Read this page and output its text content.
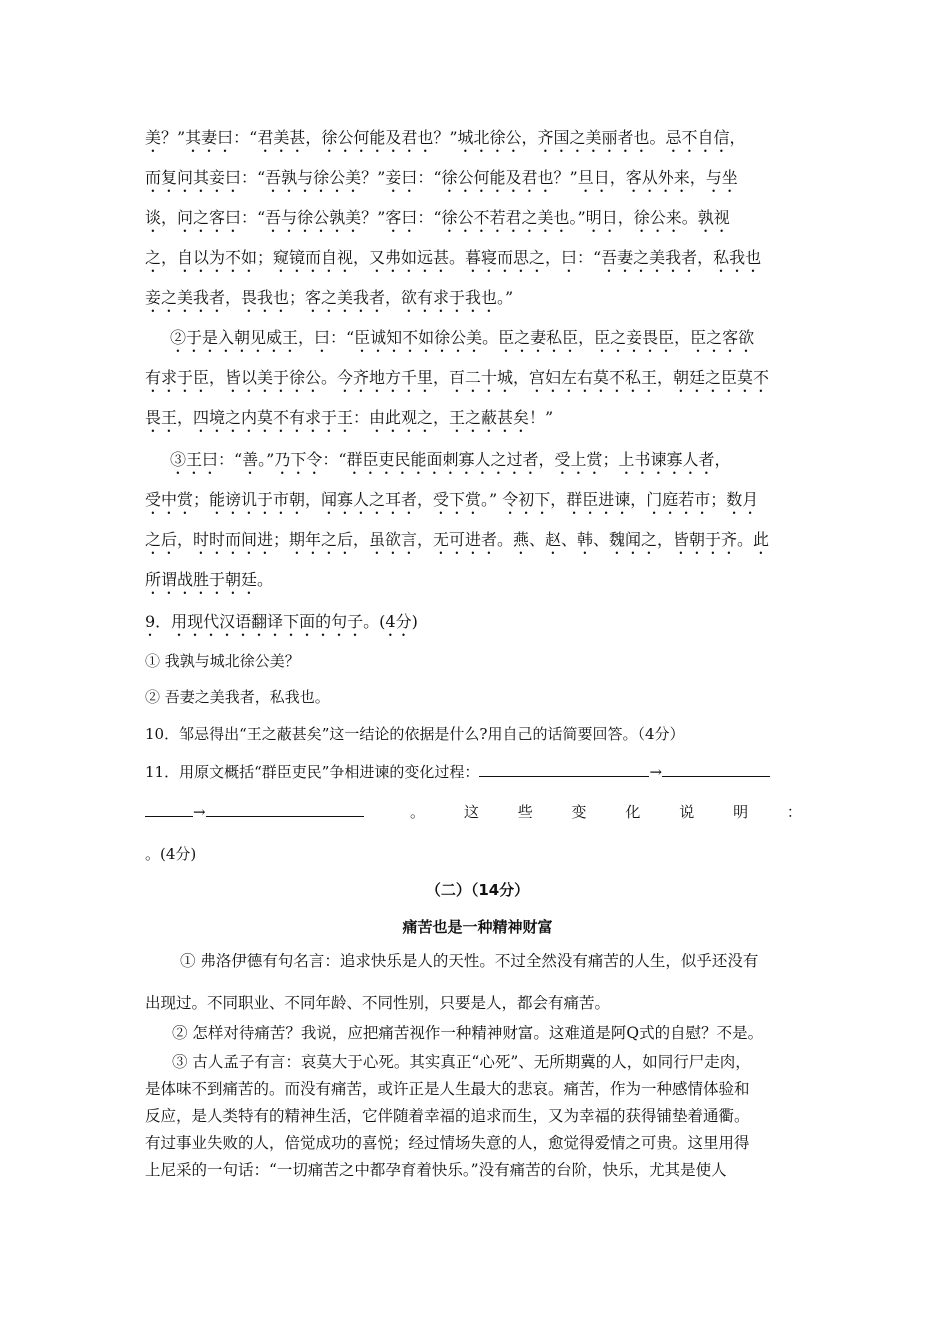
美？”其妻曰：“君美甚，徐公何能及君也？”城北徐公，齐国之美丽者也。忌不自信，
而复问其妾曰：“吾孰与徐公美？”妾曰：“徐公何能及君也？”旦日，客从外来，与坐
谈，问之客曰：“吾与徐公孰美？”客曰：“徐公不若君之美也。”明日，徐公来。孰视
之，自以为不如；窥镜而自视，又弗如远甚。暮寝而思之，曰：“吾妻之美我者，私我也
妾之美我者，畏我也；客之美我者，欲有求于我也。”
②于是入朝见威王，曰：“臣诚知不如徐公美。臣之妻私臣，臣之妾畏臣，臣之客欲
有求于臣，皆以美于徐公。今齐地方千里，百二十城，宫妇左右莫不私王，朝廷之臣莫不
畏王，四境之内莫不有求于王：由此观之，王之蔽甚矣！”
③王曰：“善。”乃下令：“群臣吏民能面刺寡人之过者，受上赏；上书谏寡人者，
受中赏；能谤讥于市朝，闻寡人之耳者，受下赏。” 令初下，群臣进谏，门庭若市；数月
之后，时时而间进；期年之后，虽欲言，无可进者。燕、赵、韩、魏闻之，皆朝于齐。此
所谓战胜于朝廷。
9．用现代汉语翻译下面的句子。(4分)
① 我孰与城北徐公美？
② 吾妻之美我者，私我也。
10．邹忌得出“王之蔽甚矣”这一结论的依据是什么?用自己的话简要回答。（4分）
11．用原文概括“群臣吏民”争相进谏的变化过程：	→
→	。	这	些	变	化	说	明	：
。(4分)
（二）（14分）
痛苦也是一种精神财富
① 弗洛伊德有句名言：追求快乐是人的天性。不过全然没有痛苦的人生，似乎还没有
出现过。不同职业、不同年龄、不同性别，只要是人，都会有痛苦。
② 怎样对待痛苦？我说，应把痛苦视作一种精神财富。这难道是阿Q式的自慰？不是。
③ 古人孟子有言：哀莫大于心死。其实真正“心死”、无所期冀的人，如同行尸走肉，
是体味不到痛苦的。而没有痛苦，或许正是人生最大的悲哀。痛苦，作为一种感情体验和
反应，是人类特有的精神生活，它伴随着幸福的追求而生，又为幸福的获得铺垫着通衢。
有过事业失败的人，倍觉成功的喜悦；经过情场失意的人，愈觉得爱情之可贵。这里用得
上尼采的一句话：“一切痛苦之中都孕育着快乐。”没有痛苦的台阶，快乐，尤其是使人
